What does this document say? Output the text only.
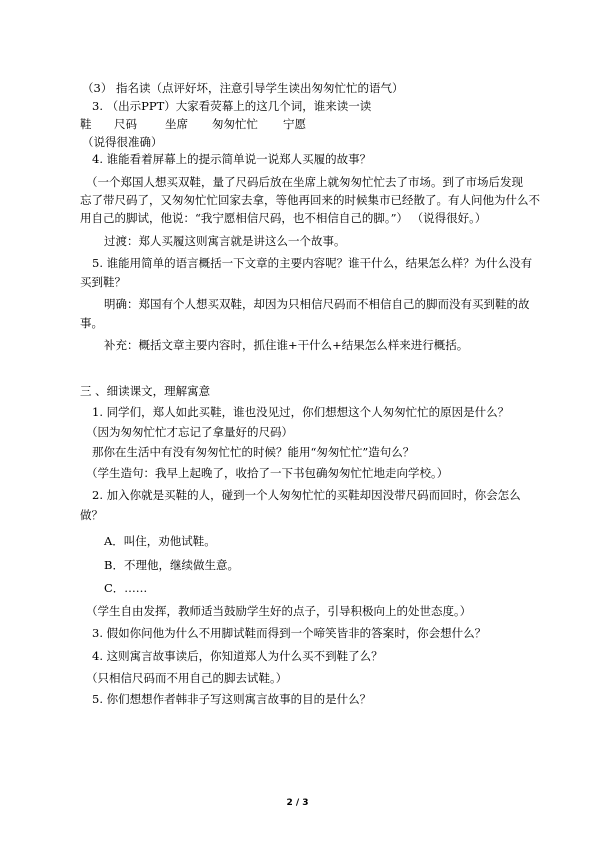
（3） 指名读（点评好坏，注意引导学生读出匆匆忙忙的语气）
3. （出示PPT）大家看荧幕上的这几个词，谁来读一读
鞋 尺码 坐席 匆匆忙忙 宁愿
（说得很准确）
4. 谁能看着屏幕上的提示简单说一说郑人买履的故事？
（一个郑国人想买双鞋，量了尺码后放在坐席上就匆匆忙忙去了市场。到了市场后发现
忘了带尺码了，又匆匆忙忙回家去拿，等他再回来的时候集市已经散了。有人问他为什么不
用自己的脚试，他说：“我宁愿相信尺码，也不相信自己的脚。”） （说得很好。）
过渡：郑人买履这则寓言就是讲这么一个故事。
5. 谁能用简单的语言概括一下文章的主要内容呢？谁干什么，结果怎么样？为什么没有
买到鞋？
明确：郑国有个人想买双鞋，却因为只相信尺码而不相信自己的脚而没有买到鞋的故
事。
补充：概括文章主要内容时，抓住谁+干什么+结果怎么样来进行概括。
三 、细读课文，理解寓意
1. 同学们，郑人如此买鞋，谁也没见过，你们想想这个人匆匆忙忙的原因是什么？
（因为匆匆忙忙才忘记了拿量好的尺码）
那你在生活中有没有匆匆忙忙的时候？能用“匆匆忙忙”造句么？
（学生造句：我早上起晚了，收拾了一下书包确匆匆忙忙地走向学校。）
2. 加入你就是买鞋的人，碰到一个人匆匆忙忙的买鞋却因没带尺码而回时，你会怎么
做？
A．叫住，劝他试鞋。
B．不理他，继续做生意。
C．……
（学生自由发挥，教师适当鼓励学生好的点子，引导积极向上的处世态度。）
3. 假如你问他为什么不用脚试鞋而得到一个啼笑皆非的答案时，你会想什么？
4. 这则寓言故事读后，你知道郑人为什么买不到鞋了么？
（只相信尺码而不用自己的脚去试鞋。）
5. 你们想想作者韩非子写这则寓言故事的目的是什么？
2 / 3
